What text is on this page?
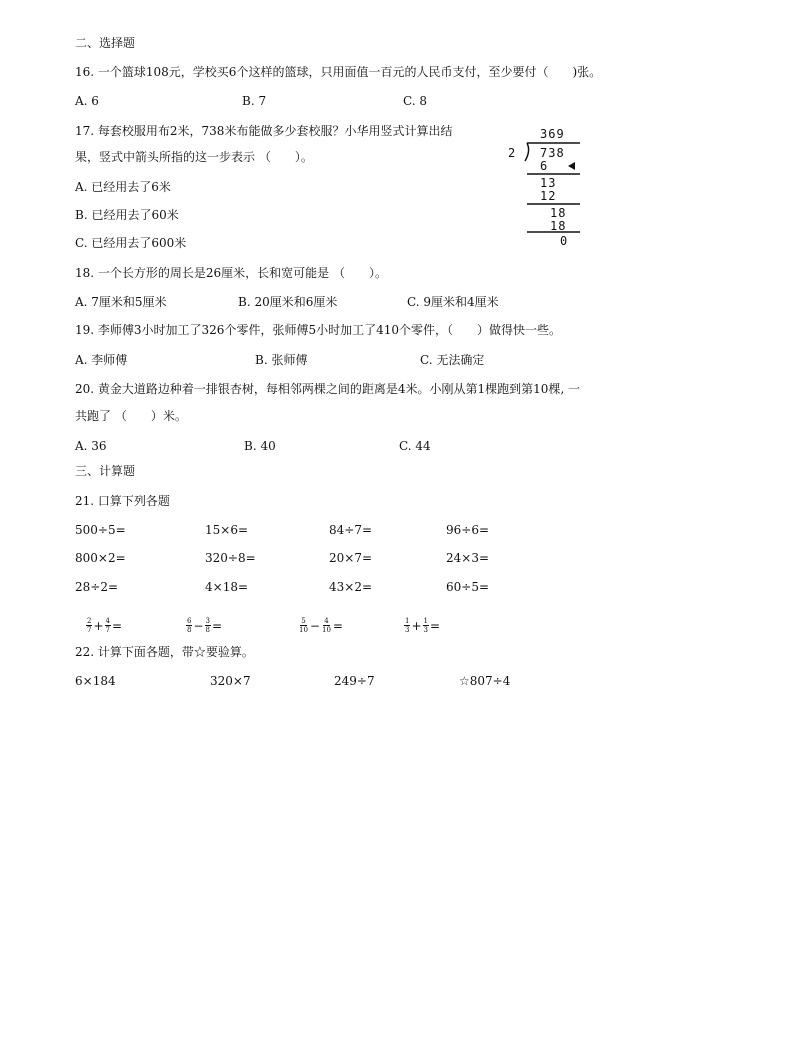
二、选择题
16. 一个篮球108元，学校买6个这样的篮球，只用面值一百元的人民币支付，至少要付（　　)张。
A. 6	B. 7	C. 8
17. 每套校服用布2米，738米布能做多少套校服？小华用竖式计算出结
果，竖式中箭头所指的这一步表示 （　　）。
A. 已经用去了6米
B. 已经用去了60米
C. 已经用去了600米
369
2 738
6
13
12
18
18
0
18. 一个长方形的周长是26厘米，长和宽可能是 （　　）。
A. 7厘米和5厘米	B. 20厘米和6厘米	C. 9厘米和4厘米
19. 李师傅3小时加工了326个零件，张师傅5小时加工了410个零件，（　　）做得快一些。
A. 李师傅	B. 张师傅	C. 无法确定
20. 黄金大道路边种着一排银杏树，每相邻两棵之间的距离是4米。小刚从第1棵跑到第10棵, 一
共跑了 （　　）米。
A. 36	B. 40	C. 44
三、计算题
21. 口算下列各题
500÷5=	15×6=	84÷7=	96÷6=
800×2=	320÷8=	20×7=	24×3=
28÷2=	4×18=	43×2=	60÷5=
$\frac{2}{7} + \frac{4}{7}$ =	$\frac{6}{8} - \frac{3}{8}$ =	$\frac{5}{10} - \frac{4}{10}$ =	$\frac{1}{3} + \frac{1}{3}$ =
22. 计算下面各题，带☆要验算。
6×184	320×7	249÷7	☆807÷4
